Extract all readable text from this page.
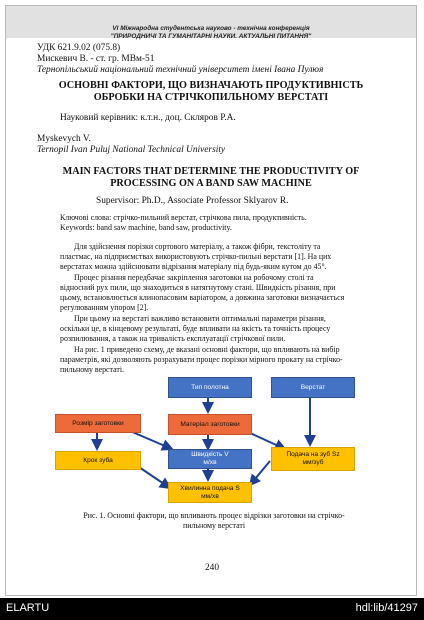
VI Міжнародна студентська науково - технічна конференція
"ПРИРОДНИЧІ ТА ГУМАНІТАРНІ НАУКИ. АКТУАЛЬНІ ПИТАННЯ"
УДК 621.9.02 (075.8)
Мискевич В. - ст. гр. МВм-51
Тернопільський національний технічний університет імені Івана Пулюя
ОСНОВНІ ФАКТОРИ, ЩО ВИЗНАЧАЮТЬ ПРОДУКТИВНІСТЬ
ОБРОБКИ НА СТРІЧКОПИЛЬНОМУ ВЕРСТАТІ
Науковий керівник: к.т.н., доц. Скляров Р.А.
Myskevych V.
Ternopil Ivan Puluj National Technical University
MAIN FACTORS THAT DETERMINE THE PRODUCTIVITY OF
PROCESSING ON A BAND SAW MACHINE
Supervisor: Ph.D., Associate Professor Sklyarov R.
Ключові слова: стрічко-пильний верстат, стрічкова пила, продуктивність.
Keywords: band saw machine, band saw, productivity.
Для здійснення порізки сортового матеріалу, а також фібри, текстоліту та
пластмас, на підприємствах використовують стрічко-пильні верстати [1]. На цих
верстатах можна здійснювати відрізання матеріалу під будь-яким кутом до 45°.
Процес різання передбачає закріплення заготовки на робочому столі та
відносний рух пили, що знаходиться в натягнутому стані. Швидкість різання, при
цьому, встановлюється клинопасовим варіатором, а довжина заготовки визначається
регулюванням упором [2].
При цьому на верстаті важливо встановити оптимальні параметри різання,
оскільки це, в кінцевому результаті, буде впливати на якість та точність процесу
розпилювання, а також на тривалість експлуатації стрічкової пили.
На рис. 1 приведено схему, де вказані основні фактори, що впливають на вибір
параметрів, які дозволяють розрахувати процес порізки мірного прокату на стрічко-
пильному верстаті.
Тип полотна	Верстат
Розмір заготовки	Матеріал заготовки
Крок зуба
Швидкість V
м/хв
Подача на зуб Sz
мм/зуб
Хвилинна подача S
мм/хв
Рис. 1. Основні фактори, що впливають процес відрізки заготовки на стрічко-
пильному верстаті
240
ELARTU	hdl:lib/41297
